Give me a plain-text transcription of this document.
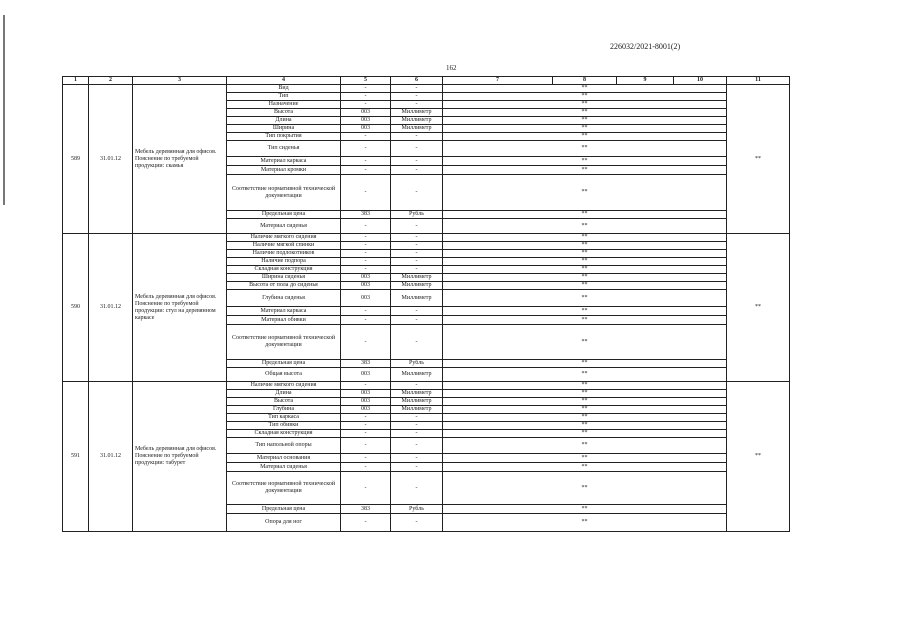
226032/2021-8001(2)
162
1	2	3	4	5	6	7	8	9	10	11
589	31.01.12	Мебель деревянная для офисов. Пояснение по требуемой продукции: скамья	Вид	-	-	**				**
			Тип	-	-	**				
			Назначение	-	-	**				
			Высота	003	Миллиметр	**				
			Длина	003	Миллиметр	**				
			Ширина	003	Миллиметр	**				
			Тип покрытия	-	-	**				
			Тип сиденья	-	-	**				
			Материал каркаса	-	-	**				
			Материал кромки	-	-	**				
			Соответствие нормативной технической документации	-	-	**				
			Предельная цена	383	Рубль	**				
			Материал сиденья	-	-	**				
590	31.01.12	Мебель деревянная для офисов. Пояснение по требуемой продукции: стул на деревянном каркасе	Наличие мягкого сидения	-	-	**				**
			Наличие мягкой спинки	-	-	**				
			Наличие подлокотников	-	-	**				
			Наличие подпора	-	-	**				
			Складная конструкция	-	-	**				
			Ширина сиденья	003	Миллиметр	**				
			Высота от пола до сиденья	003	Миллиметр	**				
			Глубина сиденья	003	Миллиметр	**				
			Материал каркаса	-	-	**				
			Материал обивки	-	-	**				
			Соответствие нормативной технической документации	-	-	**				
			Предельная цена	383	Рубль	**				
			Общая высота	003	Миллиметр	**				
591	31.01.12	Мебель деревянная для офисов. Пояснение по требуемой продукции: табурет	Наличие мягкого сидения	-	-	**				**
			Длина	003	Миллиметр	**				
			Высота	003	Миллиметр	**				
			Глубина	003	Миллиметр	**				
			Тип каркаса	-	-	**				
			Тип обивки	-	-	**				
			Складная конструкция	-	-	**				
			Тип напольной опоры	-	-	**				
			Материал основания	-	-	**				
			Материал сиденья	-	-	**				
			Соответствие нормативной технической документации	-	-	**				
			Предельная цена	383	Рубль	**				
			Опора для ног	-	-	**				
